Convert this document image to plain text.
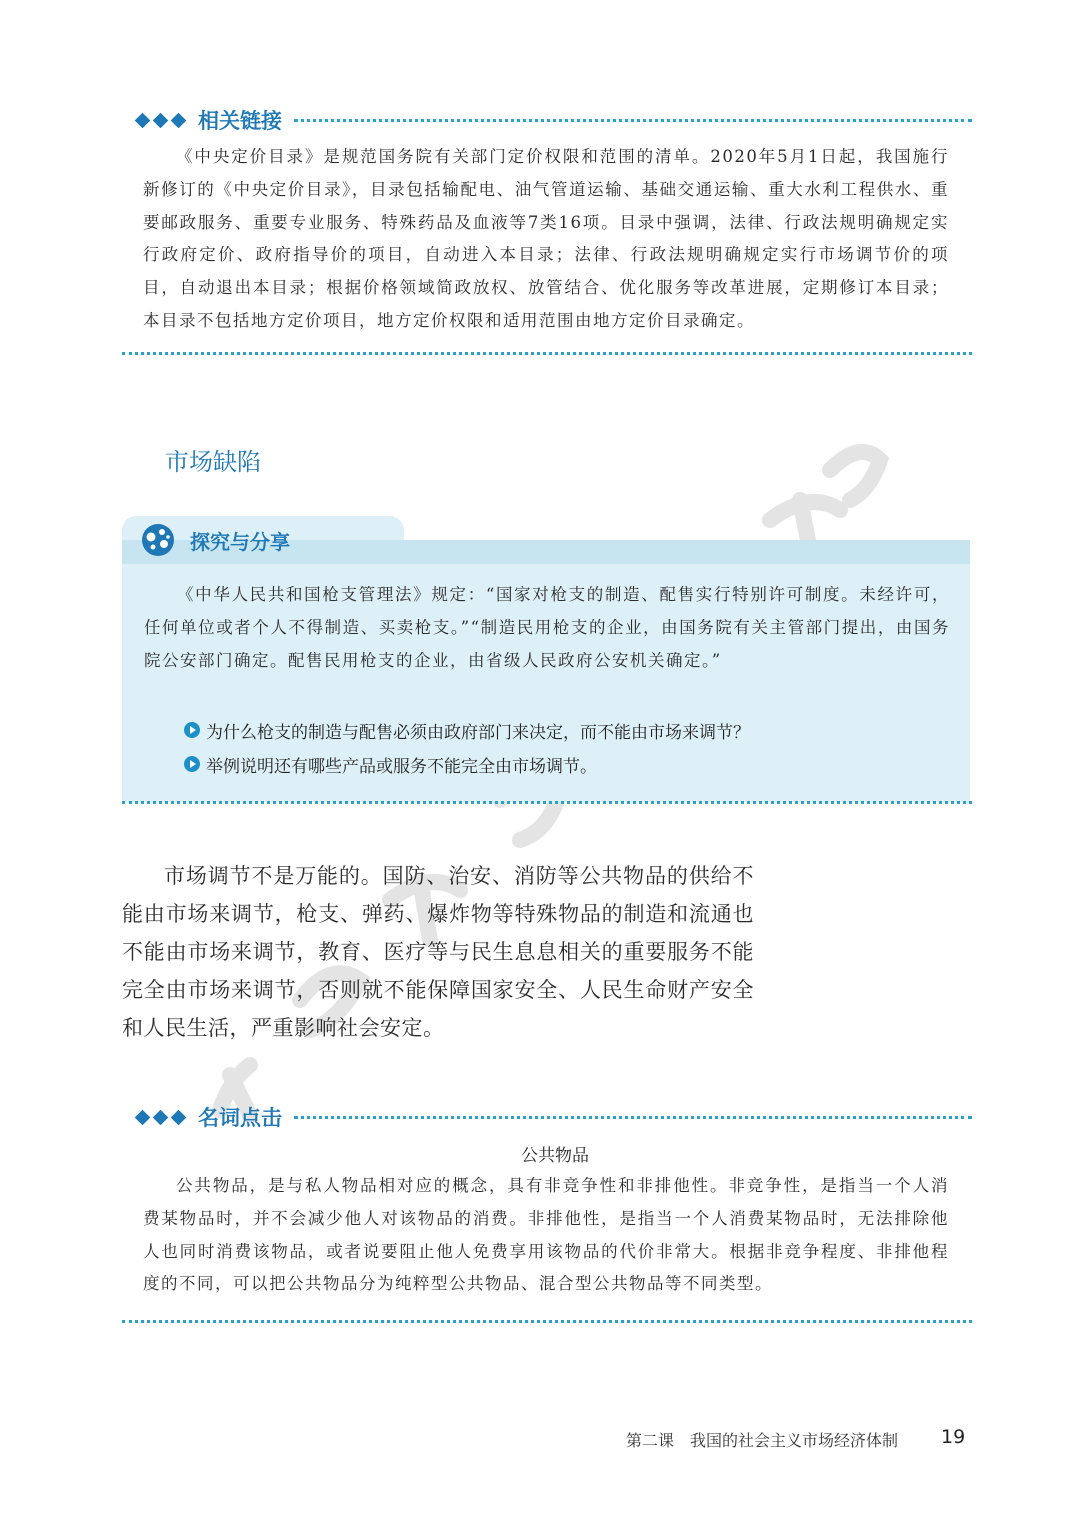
相关链接

《中央定价目录》是规范国务院有关部门定价权限和范围的清单。2020年5月1日起，我国施行新修订的《中央定价目录》，目录包括输配电、油气管道运输、基础交通运输、重大水利工程供水、重要邮政服务、重要专业服务、特殊药品及血液等7类16项。目录中强调，法律、行政法规明确规定实行政府定价、政府指导价的项目，自动进入本目录；法律、行政法规明确规定实行市场调节价的项目，自动退出本目录；根据价格领域简政放权、放管结合、优化服务等改革进展，定期修订本目录；本目录不包括地方定价项目，地方定价权限和适用范围由地方定价目录确定。

市场缺陷
探究与分享

《中华人民共和国枪支管理法》规定：“国家对枪支的制造、配售实行特别许可制度。未经许可，任何单位或者个人不得制造、买卖枪支。”“制造民用枪支的企业，由国务院有关主管部门提出，由国务院公安部门确定。配售民用枪支的企业，由省级人民政府公安机关确定。”

为什么枪支的制造与配售必须由政府部门来决定，而不能由市场来调节？
举例说明还有哪些产品或服务不能完全由市场调节。

市场调节不是万能的。国防、治安、消防等公共物品的供给不能由市场来调节，枪支、弹药、爆炸物等特殊物品的制造和流通也不能由市场来调节，教育、医疗等与民生息息相关的重要服务不能完全由市场来调节，否则就不能保障国家安全、人民生命财产安全和人民生活，严重影响社会安定。

名词点击
公共物品

公共物品，是与私人物品相对应的概念，具有非竞争性和非排他性。非竞争性，是指当一个人消费某物品时，并不会减少他人对该物品的消费。非排他性，是指当一个人消费某物品时，无法排除他人也同时消费该物品，或者说要阻止他人免费享用该物品的代价非常大。根据非竞争程度、非排他程度的不同，可以把公共物品分为纯粹型公共物品、混合型公共物品等不同类型。

第二课　我国的社会主义市场经济体制 19
